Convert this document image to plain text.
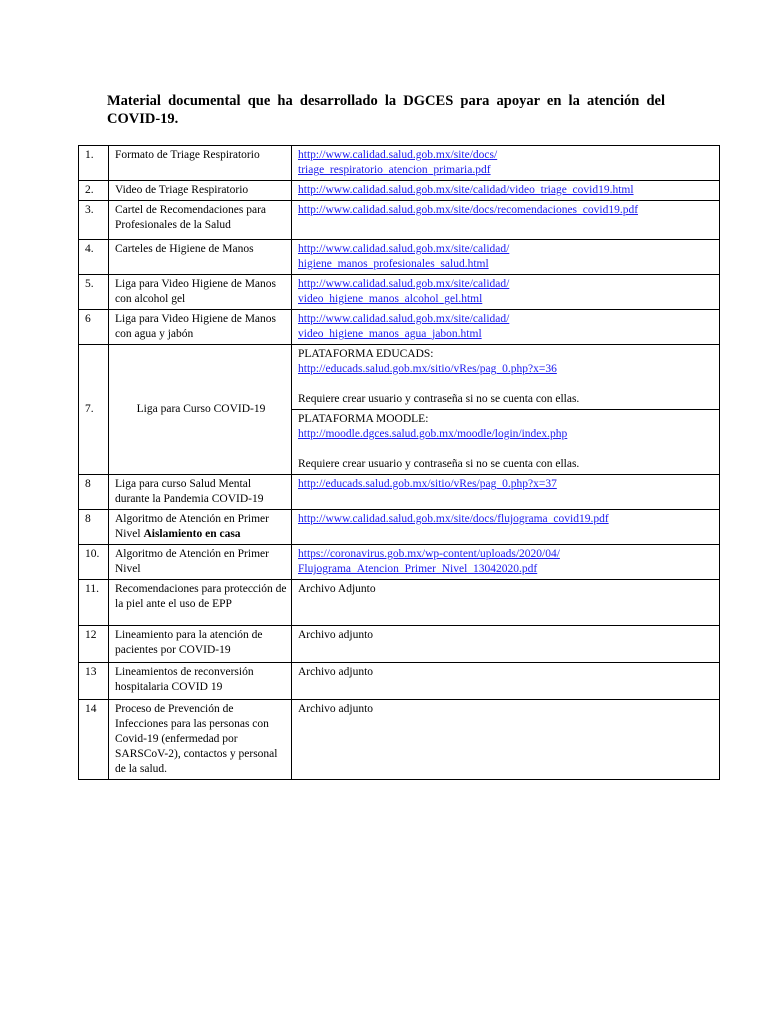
Material documental que ha desarrollado la DGCES para apoyar en la atención del COVID-19.
1.	Formato de Triage Respiratorio	http://www.calidad.salud.gob.mx/site/docs/
triage_respiratorio_atencion_primaria.pdf

2.	Video de Triage Respiratorio	http://www.calidad.salud.gob.mx/site/calidad/video_triage_covid19.html

3.	Cartel de Recomendaciones para Profesionales de la Salud	http://www.calidad.salud.gob.mx/site/docs/recomendaciones_covid19.pdf

4.	Carteles de Higiene de Manos	http://www.calidad.salud.gob.mx/site/calidad/
higiene_manos_profesionales_salud.html

5.	Liga para Video Higiene de Manos con alcohol gel	http://www.calidad.salud.gob.mx/site/calidad/
video_higiene_manos_alcohol_gel.html

6	Liga para Video Higiene de Manos con agua y jabón	http://www.calidad.salud.gob.mx/site/calidad/
video_higiene_manos_agua_jabon.html

7.	Liga para Curso COVID-19	PLATAFORMA EDUCADS:
http://educads.salud.gob.mx/sitio/vRes/pag_0.php?x=36
Requiere crear usuario y contraseña si no se cuenta con ellas.

		PLATAFORMA MOODLE:
http://moodle.dgces.salud.gob.mx/moodle/login/index.php
Requiere crear usuario y contraseña si no se cuenta con ellas.

8	Liga para curso Salud Mental durante la Pandemia COVID-19	http://educads.salud.gob.mx/sitio/vRes/pag_0.php?x=37

8	Algoritmo de Atención en Primer Nivel Aislamiento en casa	http://www.calidad.salud.gob.mx/site/docs/flujograma_covid19.pdf

10.	Algoritmo de Atención en Primer Nivel	https://coronavirus.gob.mx/wp-content/uploads/2020/04/
Flujograma_Atencion_Primer_Nivel_13042020.pdf

11.	Recomendaciones para protección de la piel ante el uso de EPP	Archivo Adjunto
12	Lineamiento para la atención de pacientes por COVID-19	Archivo adjunto
13	Lineamientos de reconversión hospitalaria COVID 19	Archivo adjunto
14	Proceso de Prevención de Infecciones para las personas con Covid-19 (enfermedad por SARSCoV-2), contactos y personal de la salud.	Archivo adjunto
